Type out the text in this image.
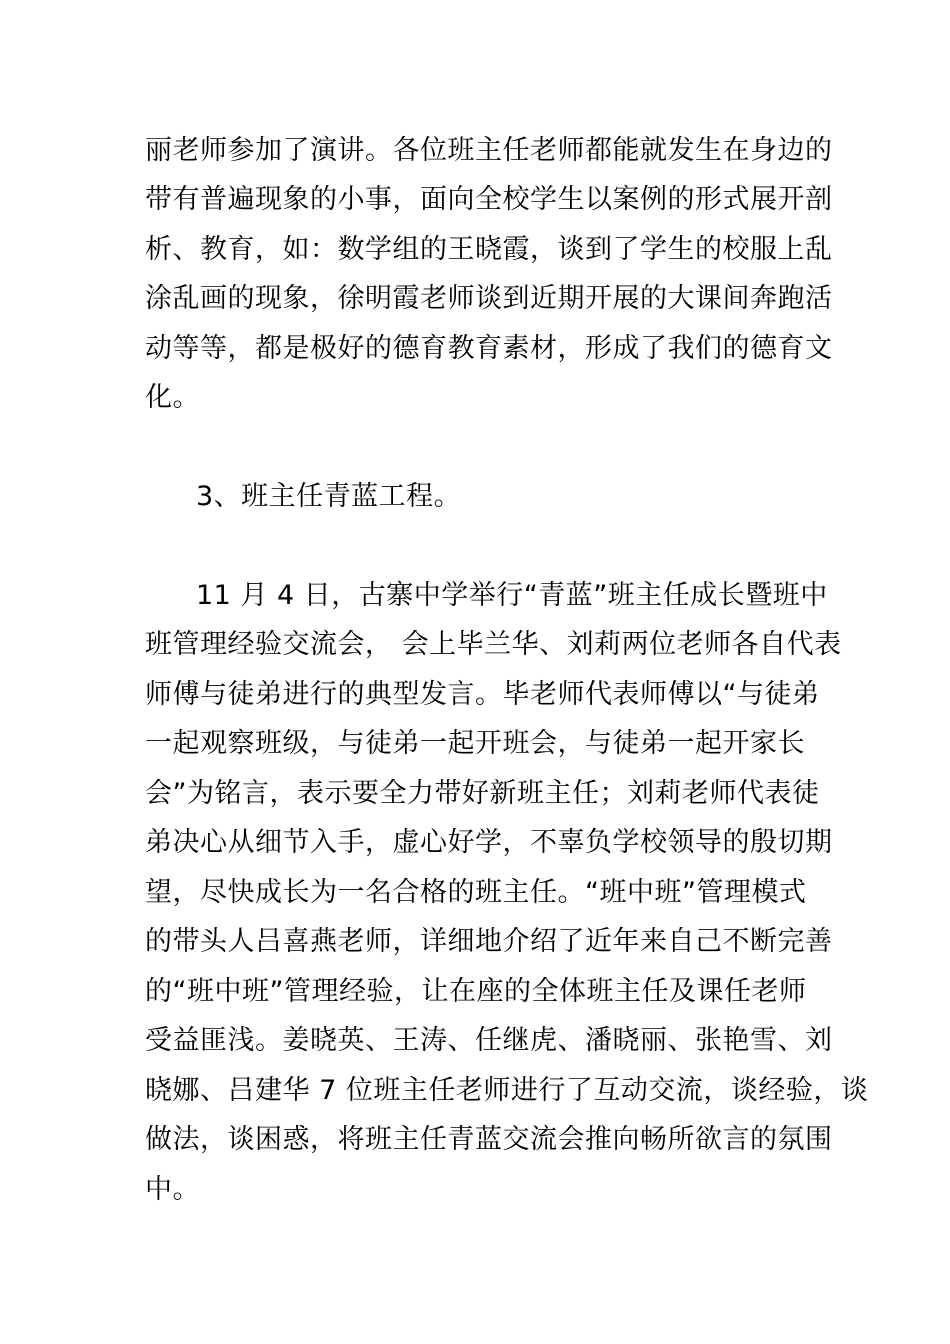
丽老师参加了演讲。各位班主任老师都能就发生在身边的
带有普遍现象的小事，面向全校学生以案例的形式展开剖
析、教育，如：数学组的王晓霞，谈到了学生的校服上乱
涂乱画的现象，徐明霞老师谈到近期开展的大课间奔跑活
动等等，都是极好的德育教育素材，形成了我们的德育文
化。
3、班主任青蓝工程。
11 月 4 日，古寨中学举行“青蓝”班主任成长暨班中
班管理经验交流会， 会上毕兰华、刘莉两位老师各自代表
师傅与徒弟进行的典型发言。毕老师代表师傅以“与徒弟
一起观察班级，与徒弟一起开班会，与徒弟一起开家长
会”为铭言，表示要全力带好新班主任；刘莉老师代表徒
弟决心从细节入手，虚心好学，不辜负学校领导的殷切期
望，尽快成长为一名合格的班主任。“班中班”管理模式
的带头人吕喜燕老师，详细地介绍了近年来自己不断完善
的“班中班”管理经验，让在座的全体班主任及课任老师
受益匪浅。姜晓英、王涛、任继虎、潘晓丽、张艳雪、刘
晓娜、吕建华 7 位班主任老师进行了互动交流，谈经验，谈
做法，谈困惑，将班主任青蓝交流会推向畅所欲言的氛围
中。
